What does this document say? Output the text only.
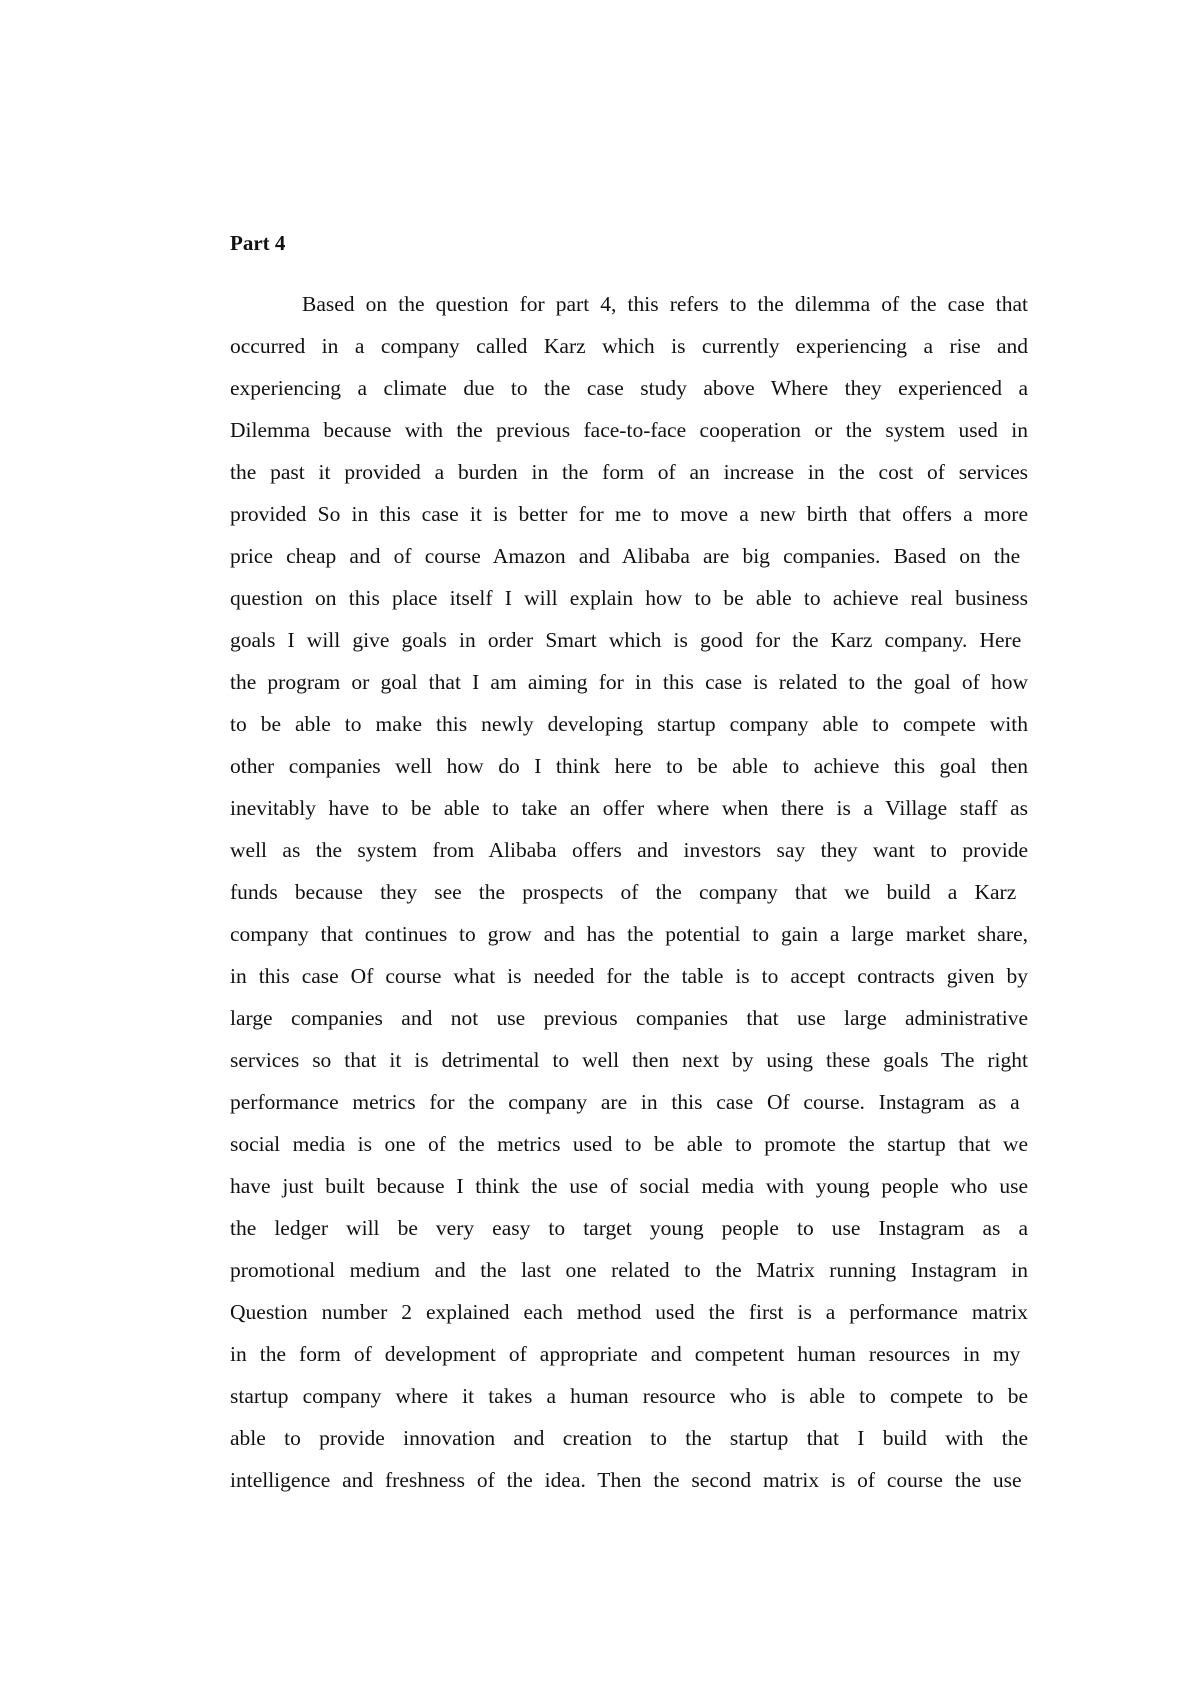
Part 4
Based on the question for part 4, this refers to the dilemma of the case that
occurred in a company called Karz which is currently experiencing a rise and
experiencing a climate due to the case study above Where they experienced a
Dilemma because with the previous face-to-face cooperation or the system used in
the past it provided a burden in the form of an increase in the cost of services
provided So in this case it is better for me to move a new birth that offers a more
price cheap and of course Amazon and Alibaba are big companies. Based on the
question on this place itself I will explain how to be able to achieve real business
goals I will give goals in order Smart which is good for the Karz company. Here
the program or goal that I am aiming for in this case is related to the goal of how
to be able to make this newly developing startup company able to compete with
other companies well how do I think here to be able to achieve this goal then
inevitably have to be able to take an offer where when there is a Village staff as
well as the system from Alibaba offers and investors say they want to provide
funds because they see the prospects of the company that we build a Karz
company that continues to grow and has the potential to gain a large market share,
in this case Of course what is needed for the table is to accept contracts given by
large companies and not use previous companies that use large administrative
services so that it is detrimental to well then next by using these goals The right
performance metrics for the company are in this case Of course. Instagram as a
social media is one of the metrics used to be able to promote the startup that we
have just built because I think the use of social media with young people who use
the ledger will be very easy to target young people to use Instagram as a
promotional medium and the last one related to the Matrix running Instagram in
Question number 2 explained each method used the first is a performance matrix
in the form of development of appropriate and competent human resources in my
startup company where it takes a human resource who is able to compete to be
able to provide innovation and creation to the startup that I build with the
intelligence and freshness of the idea. Then the second matrix is of course the use
